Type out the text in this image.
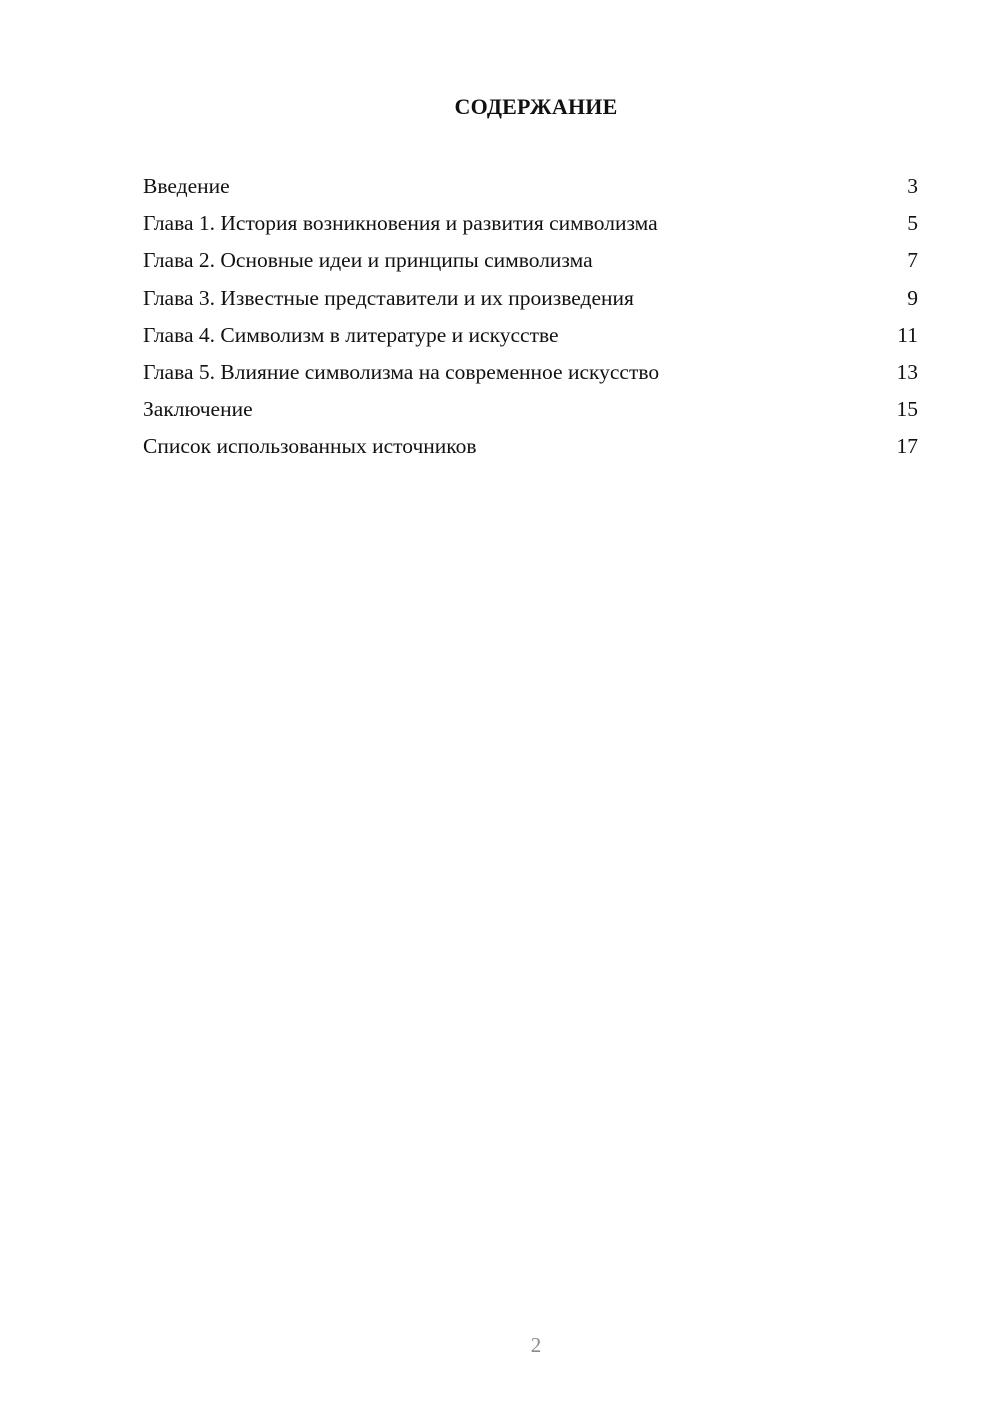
СОДЕРЖАНИЕ
Введение	3
Глава 1. История возникновения и развития символизма	5
Глава 2. Основные идеи и принципы символизма	7
Глава 3. Известные представители и их произведения	9
Глава 4. Символизм в литературе и искусстве	11
Глава 5. Влияние символизма на современное искусство	13
Заключение	15
Список использованных источников	17
2
